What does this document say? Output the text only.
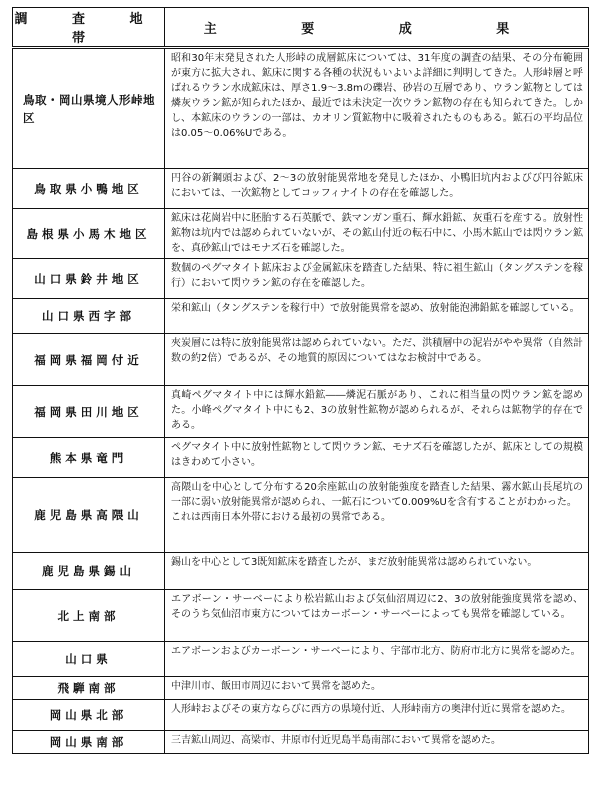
調 査 地 帯	主 要 成 果
鳥取・岡山県境人形峠地区	昭和30年末発見された人形峠の成層鉱床については、31年度の調査の結果、その分布範囲が東方に拡大され、鉱床に関する各種の状況もいよいよ詳細に判明してきた。人形峠層と呼ばれるウラン水成鉱床は、厚さ1.9～3.8mの礫岩、砂岩の互層であり、ウラン鉱物としては燐灰ウラン鉱が知られたほか、最近では未決定一次ウラン鉱物の存在も知られてきた。しかし、本鉱床のウランの一部は、カオリン質鉱物中に吸着されたものもある。鉱石の平均品位は0.05～0.06%Uである。
鳥取県小鴨地区	円谷の新鋼頭および、2～3の放射能異常地を発見したほか、小鴨旧坑内およびび円谷鉱床においては、一次鉱物としてコッフィナイトの存在を確認した。
島根県小馬木地区	鉱床は花崗岩中に胚胎する石英脈で、鉄マンガン重石、輝水鉛鉱、灰重石を産する。放射性鉱物は坑内では認められていないが、その鉱山付近の転石中に、小馬木鉱山では閃ウラン鉱を、真砂鉱山ではモナズ石を確認した。
山口県鈴井地区	数個のペグマタイト鉱床および金属鉱床を踏査した結果、特に祖生鉱山（タングステンを稼行）において閃ウラン鉱の存在を確認した。
山口県西字部	栄和鉱山（タングステンを稼行中）で放射能異常を認め、放射能泡沸鉛鉱を確認している。
福岡県福岡付近	夾炭層には特に放射能異常は認められていない。ただ、洪積層中の泥岩がやや異常（自然計数の約2倍）であるが、その地質的原因についてはなお検討中である。
福岡県田川地区	真崎ペグマタイト中には輝水鉛鉱――燐泥石脈があり、これに相当量の閃ウラン鉱を認めた。小峰ペグマタイト中にも2、3の放射性鉱物が認められるが、それらは鉱物学的存在である。
熊本県竜門	ペグマタイト中に放射性鉱物として閃ウラン鉱、モナズ石を確認したが、鉱床としての規模はきわめて小さい。
鹿児島県高隈山	高隈山を中心として分布する20余座鉱山の放射能強度を踏査した結果、霧水鉱山長尾坑の一部に弱い放射能異常が認められ、一鉱石について0.009%Uを含有することがわかった。
これは西南日本外帯における最初の異常である。
鹿児島県錫山	錫山を中心として3既知鉱床を踏査したが、まだ放射能異常は認められていない。
北上南部	エアボーン・サーベーにより松岩鉱山および気仙沼周辺に2、3の放射能強度異常を認め、そのうち気仙沼市東方についてはカーボーン・サーベーによっても異常を確認している。
山口県	エアボーンおよびカーボーン・サーベーにより、宇部市北方、防府市北方に異常を認めた。
飛騨南部	中津川市、飯田市周辺において異常を認めた。
岡山県北部	人形峠およびその東方ならびに西方の県境付近、人形峠南方の奥津付近に異常を認めた。
岡山県南部	三吉鉱山周辺、高梁市、井原市付近児島半島南部において異常を認めた。
